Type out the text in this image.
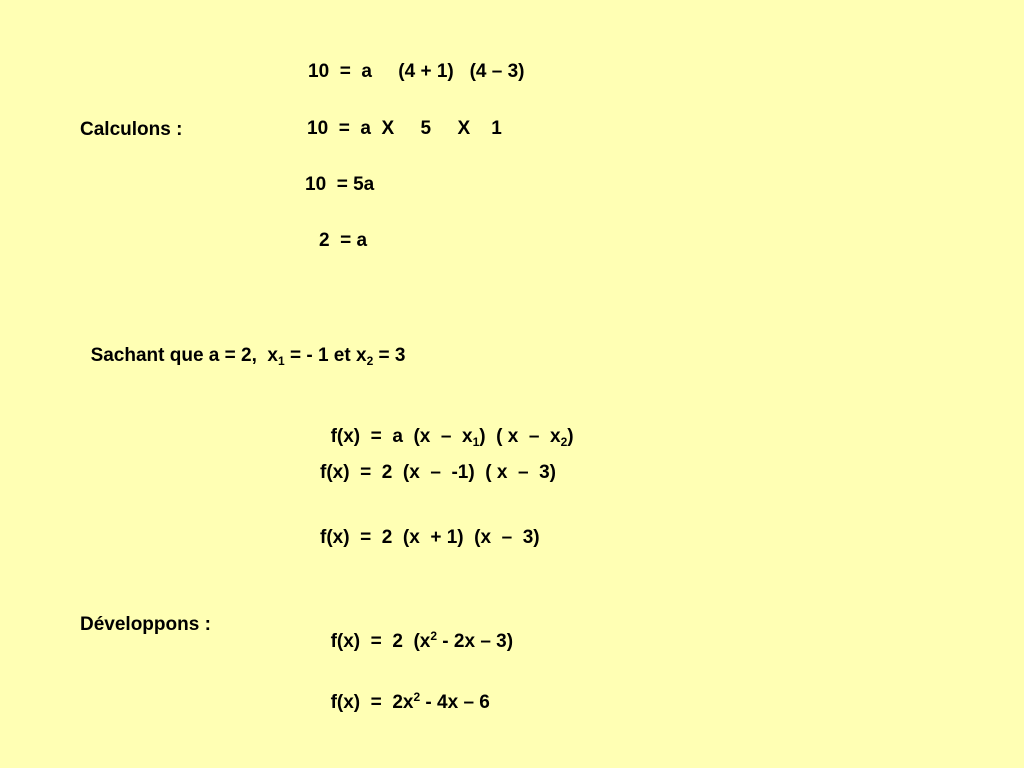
10  =  a     (4 + 1)   (4 – 3)
Calculons :	10  =  a  X     5     X    1
10  = 5a
2  = a

Sachant que a = 2,  $x_1$ = - 1 et $x_2 = 3$

f(x)  =  a  $(x - x_1)$  ( x  –  $x_2$)

f(x)  =  2  (x  –  -1)  ( x  –  3)
f(x)  =  2  (x  + 1)  (x  –  3)
Développons :

f(x)  =  2  $(x^2 - 2x - 3)$

$f(x) = 2x^2 - 4x - 6$
